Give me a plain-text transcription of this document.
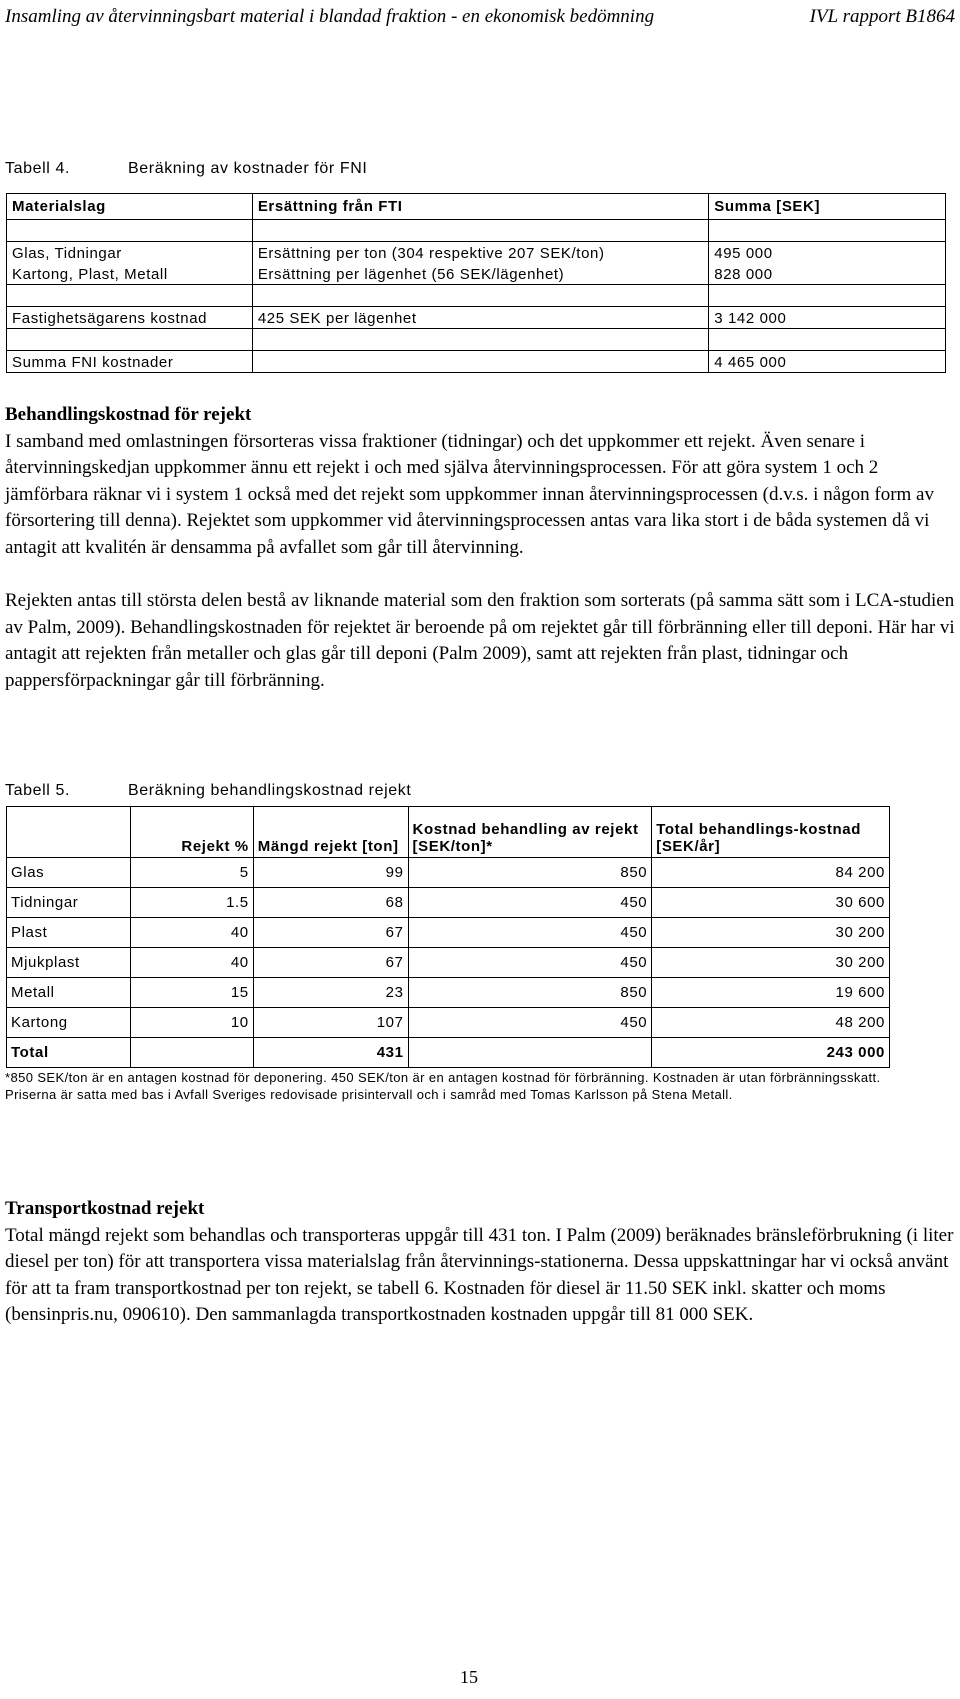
Insamling av återvinningsbart material i blandad fraktion - en ekonomisk bedömning	IVL rapport B1864
Tabell 4.	Beräkning av kostnader för FNI
Materialslag	Ersättning från FTI	Summa [SEK]

Glas, Tidningar	Ersättning per ton (304 respektive 207 SEK/ton)	495 000
Kartong, Plast, Metall	Ersättning per lägenhet (56 SEK/lägenhet)	828 000

Fastighetsägarens kostnad	425 SEK per lägenhet	3 142 000

Summa FNI kostnader		4 465 000
Behandlingskostnad för rejekt

I samband med omlastningen försorteras vissa fraktioner (tidningar) och det uppkommer ett rejekt. Även senare i återvinningskedjan uppkommer ännu ett rejekt i och med själva återvinningsprocessen. För att göra system 1 och 2 jämförbara räknar vi i system 1 också med det rejekt som uppkommer innan återvinningsprocessen (d.v.s. i någon form av försortering till denna). Rejektet som uppkommer vid återvinningsprocessen antas vara lika stort i de båda systemen då vi antagit att kvalitén är densamma på avfallet som går till återvinning.

Rejekten antas till största delen bestå av liknande material som den fraktion som sorterats (på samma sätt som i LCA-studien av Palm, 2009). Behandlingskostnaden för rejektet är beroende på om rejektet går till förbränning eller till deponi. Här har vi antagit att rejekten från metaller och glas går till deponi (Palm 2009), samt att rejekten från plast, tidningar och pappersförpackningar går till förbränning.

Tabell 5.	Beräkning behandlingskostnad rejekt
	Rejekt %	Mängd rejekt [ton]	Kostnad behandling av rejekt [SEK/ton]*	Total behandlings-kostnad [SEK/år]
Glas	5	99	850	84 200
Tidningar	1.5	68	450	30 600
Plast	40	67	450	30 200
Mjukplast	40	67	450	30 200
Metall	15	23	850	19 600
Kartong	10	107	450	48 200
Total		431		243 000
*850 SEK/ton är en antagen kostnad för deponering. 450 SEK/ton är en antagen kostnad för förbränning. Kostnaden är utan förbränningsskatt. Priserna är satta med bas i Avfall Sveriges redovisade prisintervall och i samråd med Tomas Karlsson på Stena Metall.
Transportkostnad rejekt

Total mängd rejekt som behandlas och transporteras uppgår till 431 ton. I Palm (2009) beräknades bränsleförbrukning (i liter diesel per ton) för att transportera vissa materialslag från återvinnings-stationerna. Dessa uppskattningar har vi också använt för att ta fram transportkostnad per ton rejekt, se tabell 6. Kostnaden för diesel är 11.50 SEK inkl. skatter och moms (bensinpris.nu, 090610). Den sammanlagda transportkostnaden kostnaden uppgår till 81 000 SEK.

15
